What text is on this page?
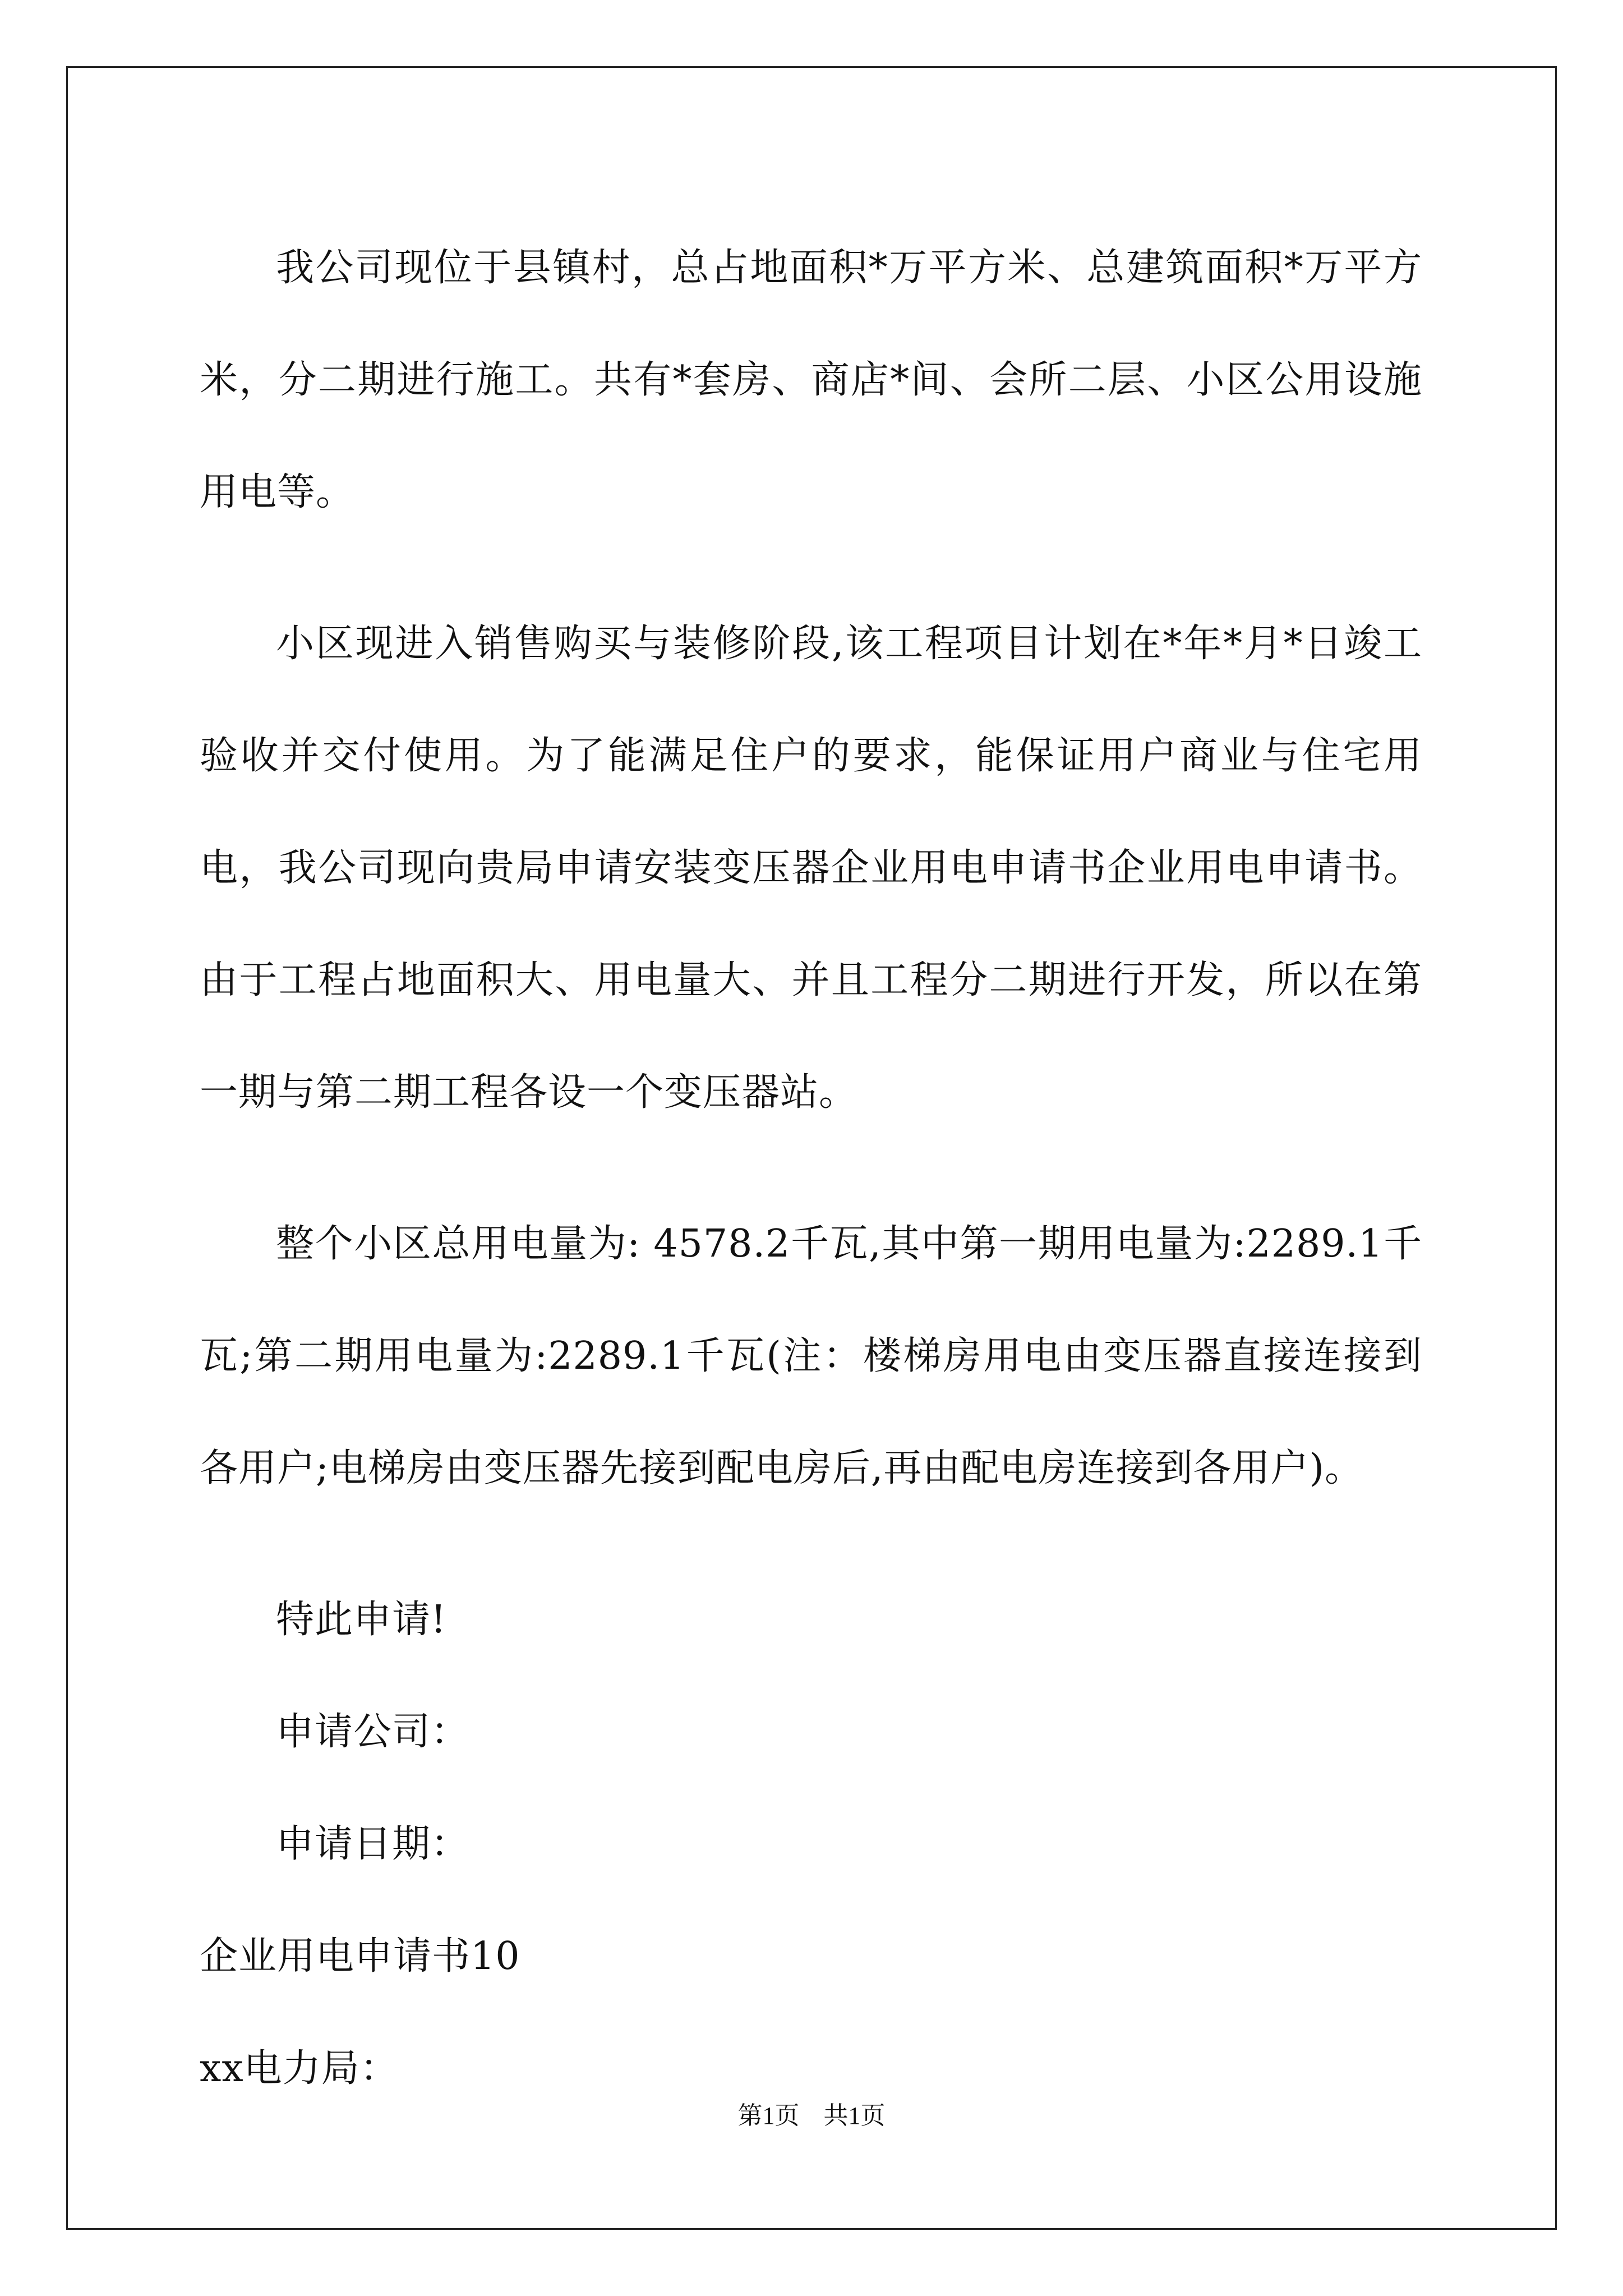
我公司现位于县镇村，总占地面积*万平方米、总建筑面积*万平方米，分二期进行施工。共有*套房、商店*间、会所二层、小区公用设施用电等。

小区现进入销售购买与装修阶段,该工程项目计划在*年*月*日竣工验收并交付使用。为了能满足住户的要求，能保证用户商业与住宅用电，我公司现向贵局申请安装变压器企业用电申请书企业用电申请书。由于工程占地面积大、用电量大、并且工程分二期进行开发，所以在第一期与第二期工程各设一个变压器站。

整个小区总用电量为: 4578.2千瓦,其中第一期用电量为:2289.1千瓦;第二期用电量为:2289.1千瓦(注：楼梯房用电由变压器直接连接到各用户;电梯房由变压器先接到配电房后,再由配电房连接到各用户)。

特此申请!

申请公司：

申请日期：

企业用电申请书10

xx电力局：

第1页 共1页
